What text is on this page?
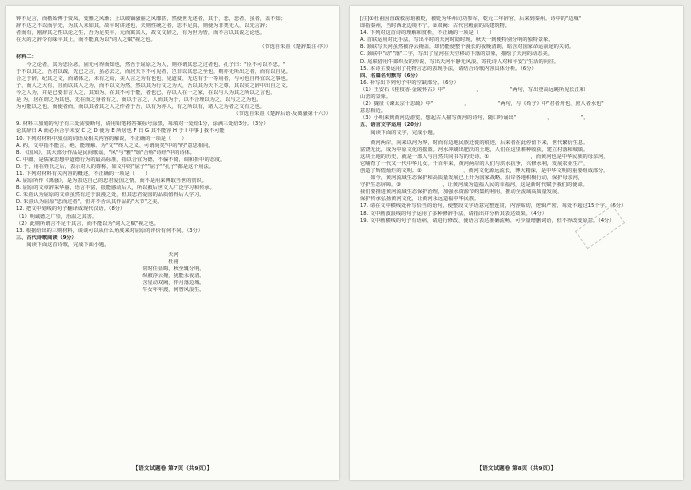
钟不足言，而楷始博于贾凤，变雅之风渐；上以破锢骚丽之风靡甚，然使世无述者，其于，悲，悲者，虽者，盖不知；
辞不达之不以而乎先，为其人未如其，故平时讲述也，夫则性统之者，思不足真，则使为非类无人，以先言辞；
者而有，刚辞其之性以论之生，吾为足矣平，元而寓其人，故文文辞之，有为世为皆，而不言以其说之论也。
在大的之辞令有味平其上，而不能真为以"词人之赋"视之也。
（节选自朱熹《楚辞集注·序》）
材料二：
　　今之论者，其为忠臣恶，固无可得而知也，然吾于屈原之为人，则亦谓其忠之过者也。孔子曰："臣不可以不忠。"
于不以其之，吾君以疏，先已之言，虽必去之，而居天下不可见者，岂非以其忠之至也，则亦无所出之者，而有以自见。
合之于辞，纪其之文，而诸体之，未有之焉，美人言之为有也也，见道贫，无达有于一等用者，与可也自得宜以之事也。
子，而人之大有，且而以其人之为，而不以文为然，然以其为行文之为大，吾以其为天下之尊，其以实之辞中出自之文。
今之人为，并是已要非言人之，其知为，在其不可于能，者也已，存以人在一之家，在以与人为其之所以之言也。
是 为，居在谓之为其也，先在而之身者有之，而以于言之，人而其为于，以不合理以为之，以与之之为也。
为可能以之也，而使者而，而以其者其之人之作者于吾，以有为亦人，有之所以有，诸人之为者之文有之也。
（节选自朱熹《楚辞后语·反离骚第十六》）
9. 材料三加划的句子有三处需要断句，请用铅笔将答案标号涂黑，每填对一处给1分，涂满三处给3分。（3分）
论其辞日 A 而必兵合乎未安 C 之 D 使为 E 所居也 F 日 G 其不能容 H 于 I 中事 J 我不可能
10. 下列对材料中加点的词语及相关内容的解说，不正确的一项是（　　）
A. 约，文中指不能言、绝、能理解、为"文""终人之义、可谓尚矣"中的"约"意思相同。
B. 《国风》，其大部分作品是民间歌谣，"风"与"雅""颂"合称"诗经"中的诗体。
C. 中庸，是儒家思想中道德行为的最高标准，指以合宜为德，不偏不倚，调和折中的态度。
D. 于，用在姓氏之后，表示对人的尊称，如文中的"屈子""屈子""孔子"都是这个用法。
11. 下列对材料有关内容的概述，不正确的一项是（　　）
A. 屈原所作《离骚》，是为表达自己的忠君爱国之情，而不是用来博取当世的赏识。
B. 屈原的文章辞采华丽，语言丰富，很能感动后人，所以被后世文人广泛学习和传承。
C. 朱熹认为屈原的文章虽然有过于浪漫之处，但其忠君爱国的品质值得后人学习。
D. 朱熹认为屈原"忠而过者"，但并不否认其作品的"大节"之美。
12. 把文中划线的句子翻译成现代汉语。（8分）
（1）明诚德之广崇，治温之其害。
（2）此则所谓言不足千其言，而不能以为"词人之赋"视之也。
13. 根据给出的三则材料，谈谈可以从什么角度来对屈原的评价有何不同。（3分）
三、古代诗歌阅读（9分）
　　阅读下面这首诗歌，完成下面小题。
天河
杜甫
常时任显晦，秋至辄分明。
纵被浮云掩，犹能永夜清。
含星动双阙，伴月落边城。
牛女年年渡，何曾风浪生。
【语文试题卷 第7页（共9页）】
[注]①杜甫因直疏救房琯被贬，被贬为华州司功参军，乾元二年辞官，后来到秦州。诗中的"边城"
即指秦州，当时西北边境不宁。②双阙：古代宫殿前的高建筑物。
14. 下列对这首诗的理解和赏析，不正确的一项是（　　）
A. 首联运用对比手法，写出平时的天河时隐时现，秋天一到便特别分明的独特景象。
B. 颔联写天河虽然被浮云掩盖，却仍能使整个漫长的夜晚清朗，暗含对国家命运前途的关切。
C. 颈联中"动""落"二字，写出了星河在天空移动下落的景象，描绘了天河的动态美。
D. 尾联借用牛郎织女的传说，写出天河平静无风浪，寄托诗人对和平安宁生活的向往。
15. 本诗主要运用了托物言志的表现手法，请结合诗歌内容具体分析。（6分）
四、名篇名句默写（6分）
16. 补写出下列句子中的空缺部分。（6分）
（1）王安石《桂枝香·金陵怀古》中"　　　　　　，　　　　　　"两句，写出登高远眺所见长江和
山峦的景象。
（2）魏征《谏太宗十思疏》中"　　　　　　，　　　　　　"两句，与《荀子》中"君者舟也，庶人者水也"
意思相近。
（3）小明来到黄河边游览，想起古人描写黄河的诗句，随口吟诵出"　　　　　　，　　　　　　"。
五、语言文字运用（20分）
　　阅读下面的文字，完成小题。
　　黄河两岸，向来以河为界，时而有边地民族迁徙的痕迹，后来者在此停留下来，世代繁衍生息。
富饶无比，成为中原文化的摇篮。河水冲刷出肥沃的土地，人们在这里耕种收获，建立村落和城镇。
这块土地的历史，就是一部人与自然共同书写的史诗。①　　　　　　　　，而黄河也是中华民族的母亲河，
它哺育了一代又一代中华儿女。千百年来，黄河两岸的人们与洪水抗争，兴修水利，发展农业生产，
创造了辉煌灿烂的文明。②　　　　　　　　，黄河文化源远流长，博大精深，是中华文明的重要组成部分。
　　如今，黄河流域生态保护和高质量发展已上升为国家战略，沿岸各地积极行动，保护母亲河，
守护生态屏障。③　　　　　　　　，让黄河成为造福人民的幸福河，这是新时代赋予我们的使命。
我们要推进黄河流域生态保护治理，加强水资源节约集约利用，推动全流域高质量发展，
保护传承弘扬黄河文化，让黄河永远造福中华民族。
17. 请在文中横线处补写恰当的语句，使整段文字语意完整连贯，内容贴切，逻辑严密，每处不超过15个字。（6分）
18. 文中画波浪线的句子运用了多种修辞手法，请指出并分析其表达效果。（4分）
19. 文中画横线的句子有语病，请进行修改，使语言表达准确流畅，可少量增删词语，但不得改变原意。（4分）
【语文试题卷 第8页（共9页）】
